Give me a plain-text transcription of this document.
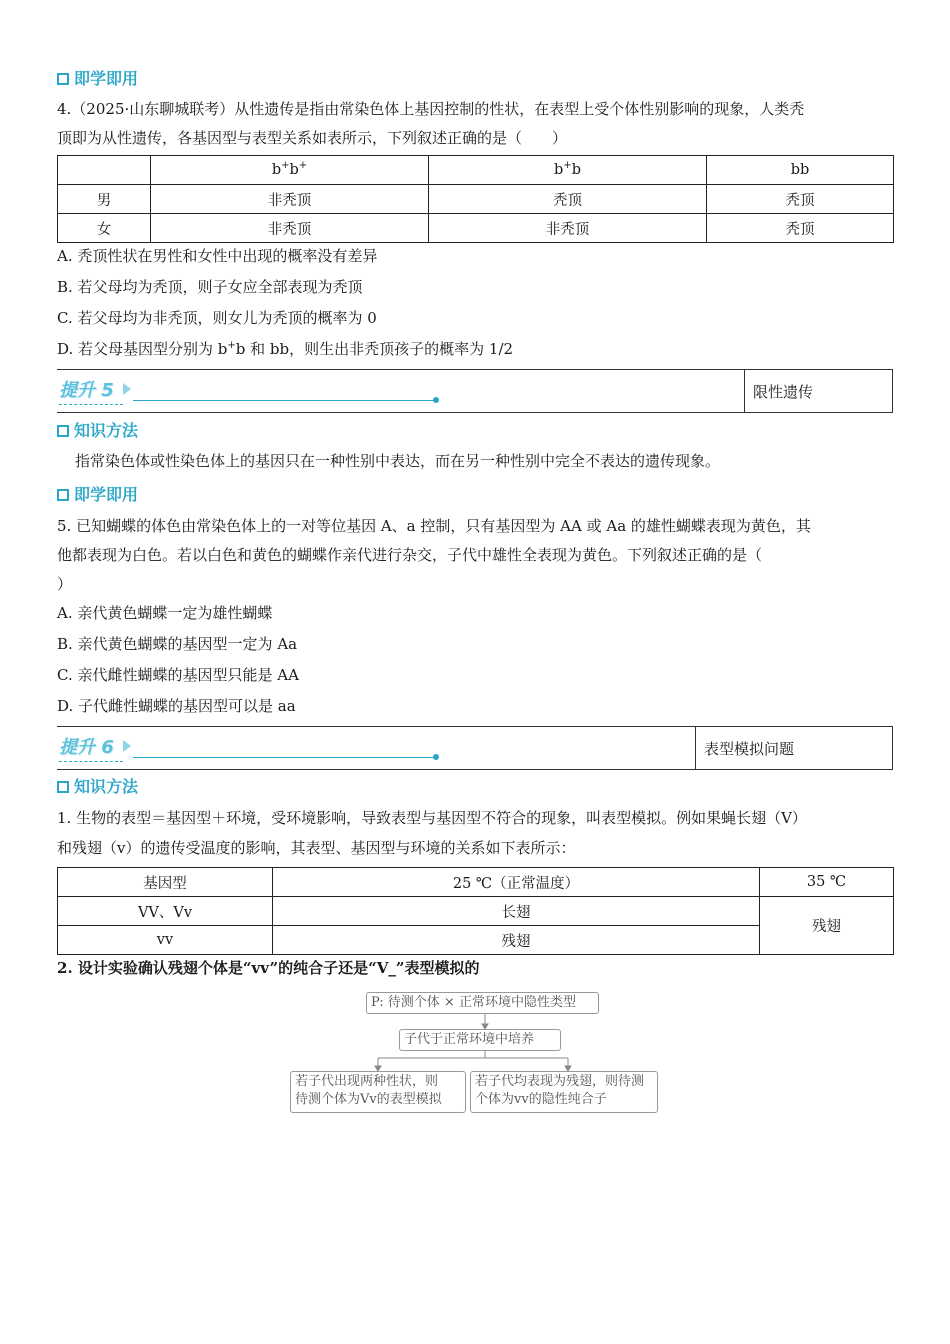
即学即用
4.（2025·山东聊城联考）从性遗传是指由常染色体上基因控制的性状，在表型上受个体性别影响的现象，人类秃
顶即为从性遗传，各基因型与表型关系如表所示，下列叙述正确的是（　　）
	b+b+	b+b	bb
男	非秃顶	秃顶	秃顶
女	非秃顶	非秃顶	秃顶
A. 秃顶性状在男性和女性中出现的概率没有差异
B. 若父母均为秃顶，则子女应全部表现为秃顶
C. 若父母均为非秃顶，则女儿为秃顶的概率为 0
D. 若父母基因型分别为 b+b 和 bb，则生出非秃顶孩子的概率为 1/2
提升 5	限性遗传
知识方法
指常染色体或性染色体上的基因只在一种性别中表达，而在另一种性别中完全不表达的遗传现象。
即学即用
5. 已知蝴蝶的体色由常染色体上的一对等位基因 A、a 控制，只有基因型为 AA 或 Aa 的雄性蝴蝶表现为黄色，其
他都表现为白色。若以白色和黄色的蝴蝶作亲代进行杂交，子代中雄性全表现为黄色。下列叙述正确的是（
）
A. 亲代黄色蝴蝶一定为雄性蝴蝶
B. 亲代黄色蝴蝶的基因型一定为 Aa
C. 亲代雌性蝴蝶的基因型只能是 AA
D. 子代雌性蝴蝶的基因型可以是 aa
提升 6	表型模拟问题
知识方法
1. 生物的表型＝基因型＋环境，受环境影响，导致表型与基因型不符合的现象，叫表型模拟。例如果蝇长翅（V）
和残翅（v）的遗传受温度的影响，其表型、基因型与环境的关系如下表所示：
基因型	25 ℃（正常温度）	35 ℃
VV、Vv	长翅	残翅
vv	残翅	
2. 设计实验确认残翅个体是“vv”的纯合子还是“V_”表型模拟的
P: 待测个体 × 正常环境中隐性类型
子代于正常环境中培养
若子代出现两种性状，则
待测个体为Vv的表型模拟
若子代均表现为残翅，则待测
个体为vv的隐性纯合子
